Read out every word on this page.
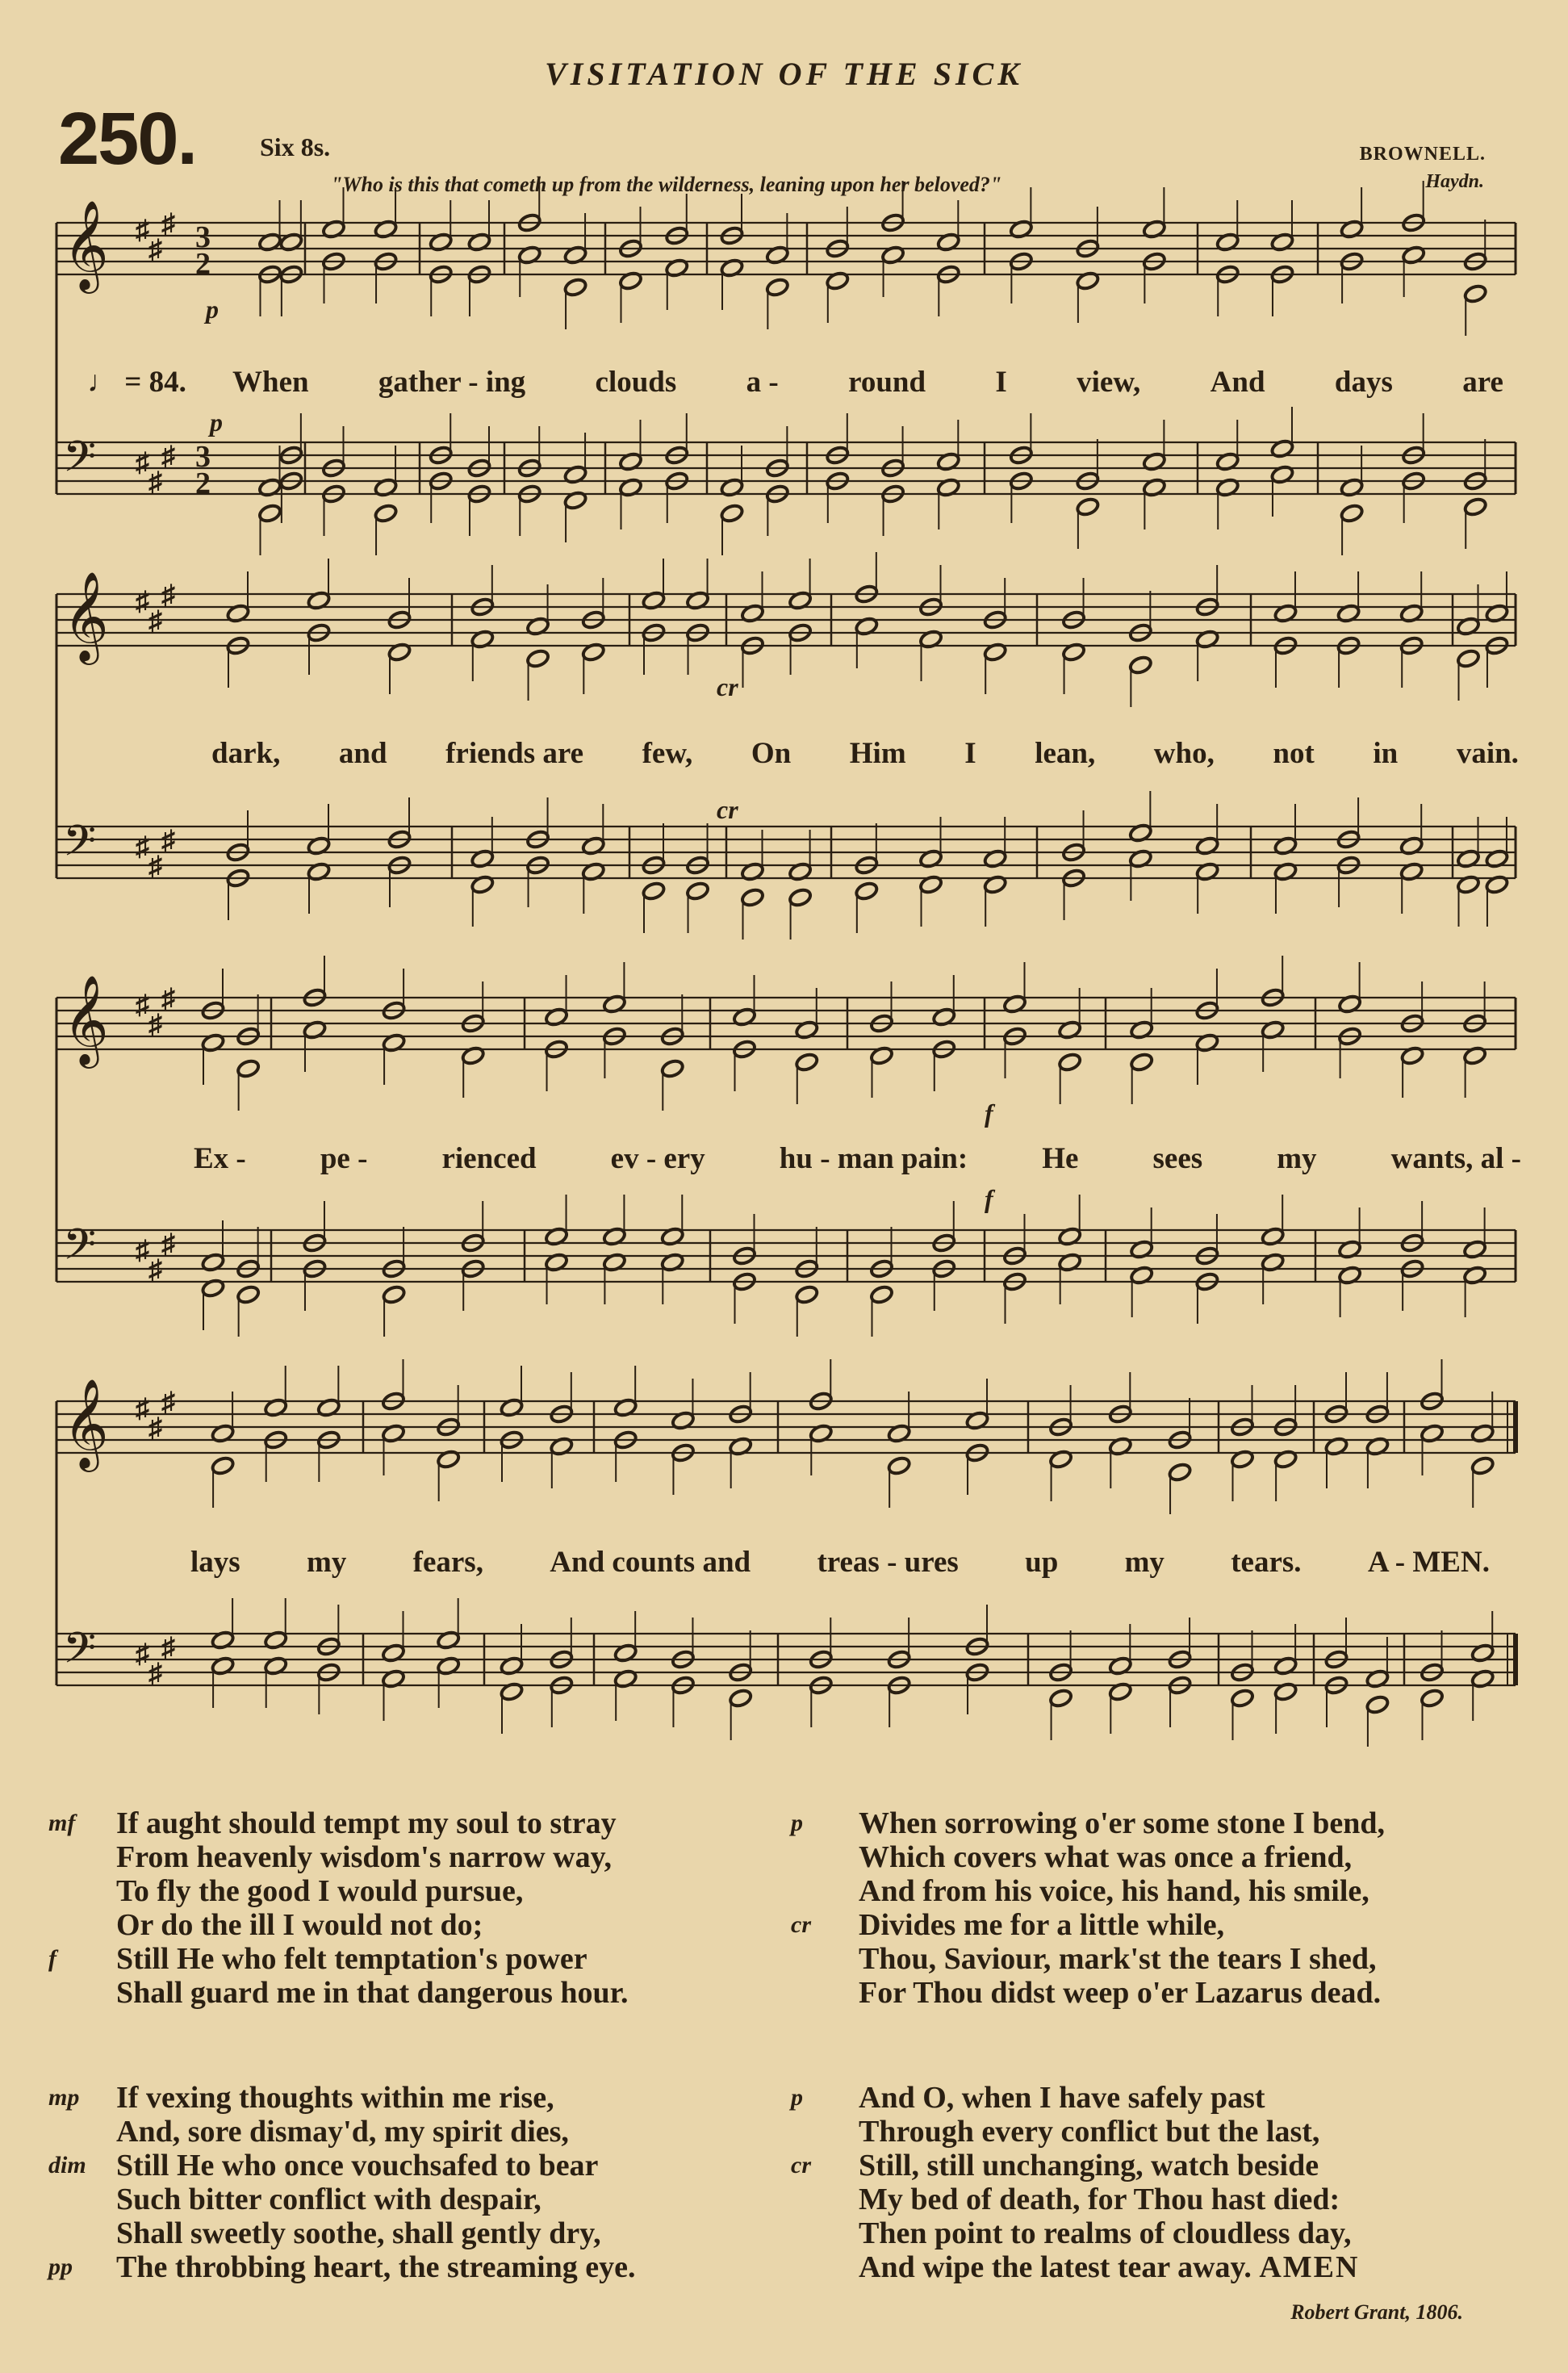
VISITATION OF THE SICK
250. Six 8s.
"Who is this that cometh up from the wilderness, leaning upon her beloved?"
BROWNELL.
Haydn.
𝄞 ♯
♯
♯ 3
2
𝄢 ♯
♯
♯ 3
2
𝄞 ♯
♯
♯
𝄢 ♯
♯
♯
𝄞 ♯
♯
♯
𝄢 ♯
♯
♯
𝄞 ♯
♯
♯
𝄢 ♯
♯
♯
p
p
cr
cr
f
f
♩ = 84. When gather - ing clouds a - round I view, And days are
dark, and friends are few, On Him I lean, who, not in vain.
Ex - pe - rienced ev - ery hu - man pain: He sees my wants, al -
lays my fears, And counts and treas - ures up my tears. A - MEN.
mf	If aught should tempt my soul to stray
From heavenly wisdom's narrow way,
To fly the good I would pursue,
Or do the ill I would not do;
f	Still He who felt temptation's power
Shall guard me in that dangerous hour.
mp	If vexing thoughts within me rise,
And, sore dismay'd, my spirit dies,
dim Still He who once vouchsafed to bear
Such bitter conflict with despair,
Shall sweetly soothe, shall gently dry,
pp	The throbbing heart, the streaming eye.
p	When sorrowing o'er some stone I bend,
Which covers what was once a friend,
And from his voice, his hand, his smile,
cr	Divides me for a little while,
Thou, Saviour, mark'st the tears I shed,
For Thou didst weep o'er Lazarus dead.
p	And O, when I have safely past
Through every conflict but the last,
cr	Still, still unchanging, watch beside
My bed of death, for Thou hast died:
Then point to realms of cloudless day,
And wipe the latest tear away. AMEN
Robert Grant, 1806.
